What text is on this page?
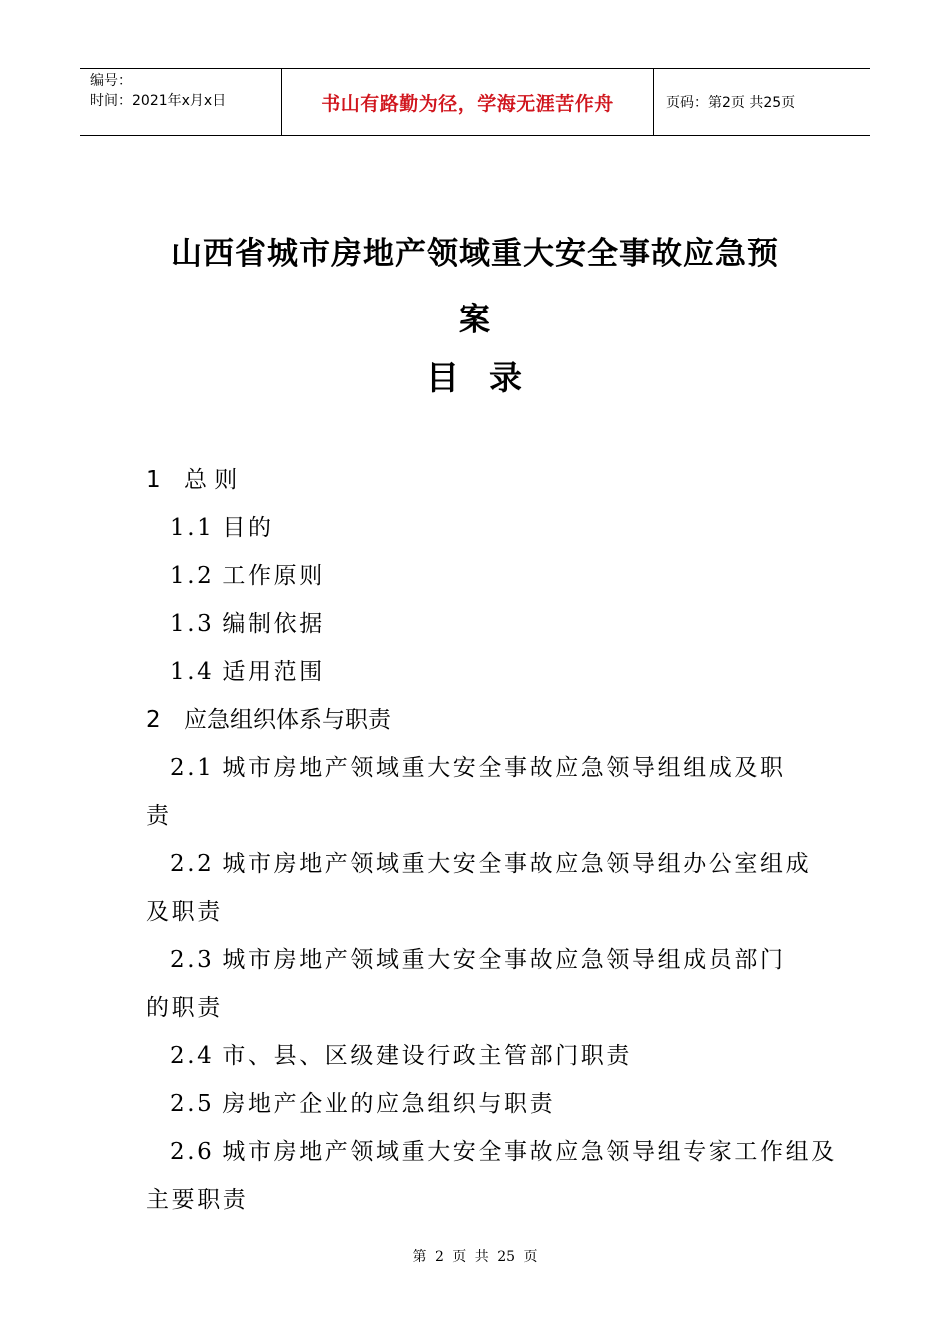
编号：
时间：2021年x月x日	书山有路勤为径，学海无涯苦作舟	页码：第2页 共25页
山西省城市房地产领域重大安全事故应急预
案
目录
1 总 则
1.1 目的
1.2 工作原则
1.3 编制依据
1.4 适用范围
2 应急组织体系与职责
2.1 城市房地产领域重大安全事故应急领导组组成及职
责
2.2 城市房地产领域重大安全事故应急领导组办公室组成
及职责
2.3 城市房地产领域重大安全事故应急领导组成员部门
的职责
2.4 市、县、区级建设行政主管部门职责
2.5 房地产企业的应急组织与职责
2.6 城市房地产领域重大安全事故应急领导组专家工作组及
主要职责
第 2 页 共 25 页
